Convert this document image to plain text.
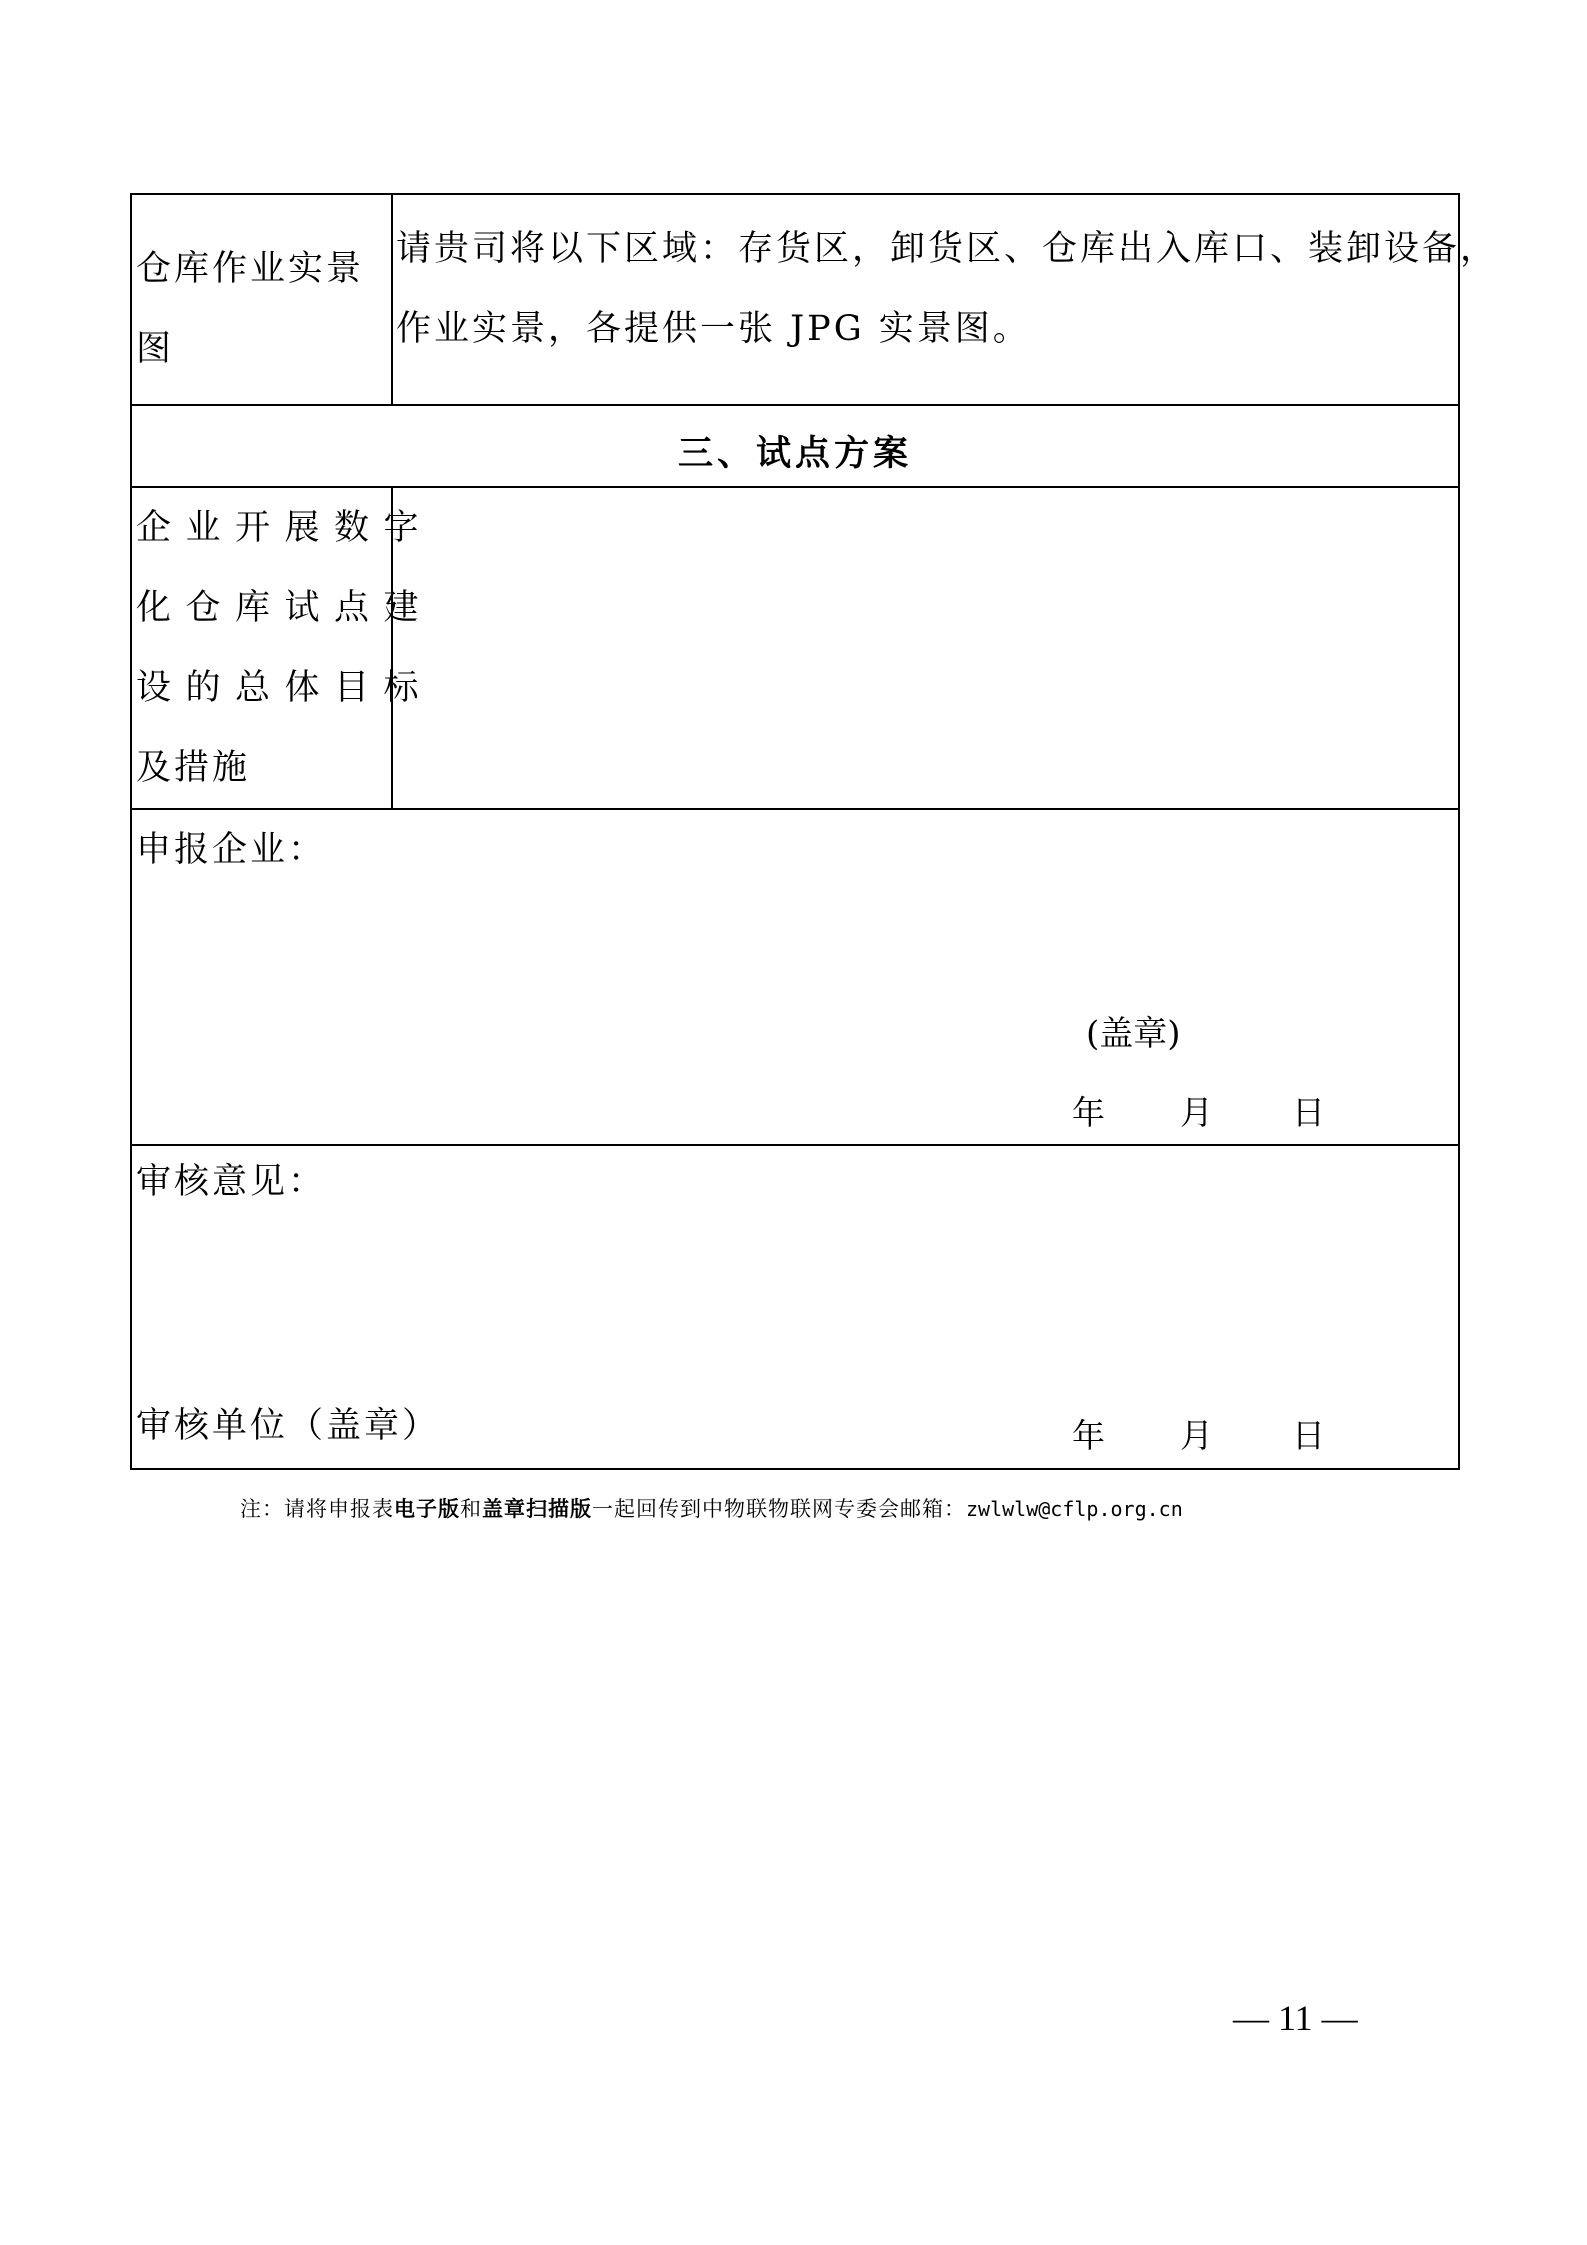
仓库作业实景
图
请贵司将以下区域：存货区，卸货区、仓库出入库口、装卸设备，
作业实景，各提供一张 JPG 实景图。
三、试点方案
企业开展数字
化仓库试点建
设的总体目标
及措施
申报企业：
(盖章)
年 月 日
审核意见：
审核单位（盖章）	年 月 日
注：请将申报表电子版和盖章扫描版一起回传到中物联物联网专委会邮箱：zwlwlw@cflp.org.cn
— 11 —
